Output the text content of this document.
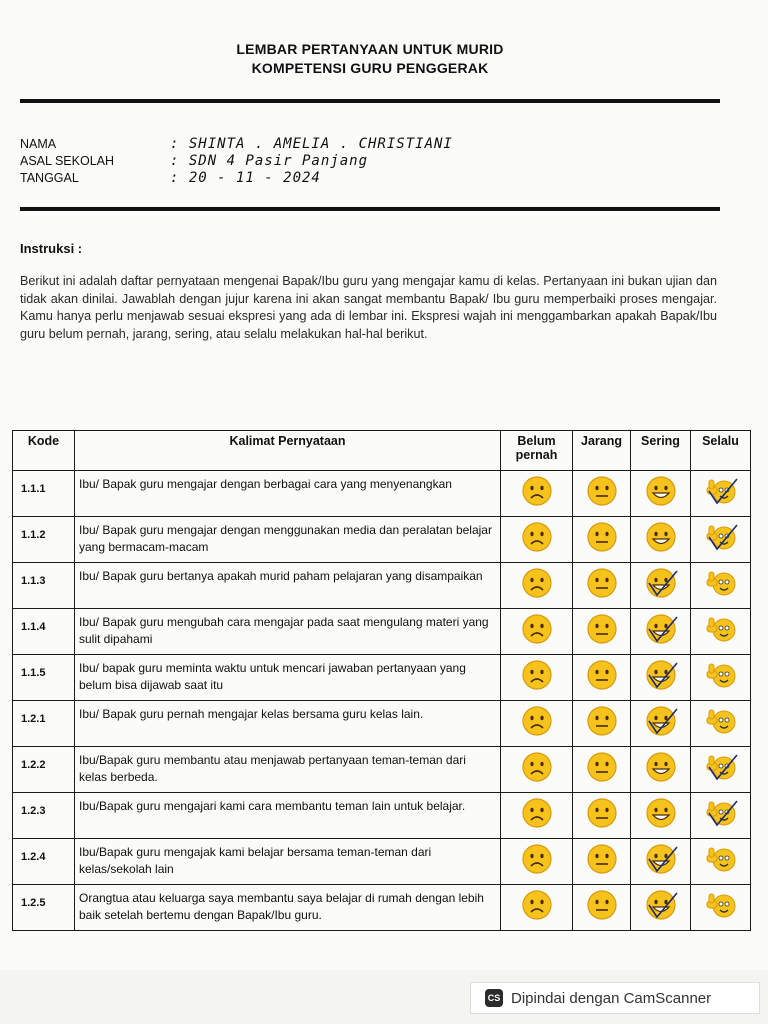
LEMBAR PERTANYAAN UNTUK MURID
KOMPETENSI GURU PENGGERAK
NAMA	: SHINTA . AMELIA . CHRISTIANI
ASAL SEKOLAH	: SDN 4 Pasir Panjang
TANGGAL	: 20 - 11 - 2024
Instruksi :
Berikut ini adalah daftar pernyataan mengenai Bapak/Ibu guru yang mengajar kamu di kelas. Pertanyaan ini bukan ujian dan tidak akan dinilai. Jawablah dengan jujur karena ini akan sangat membantu Bapak/ Ibu guru memperbaiki proses mengajar. Kamu hanya perlu menjawab sesuai ekspresi yang ada di lembar ini. Ekspresi wajah ini menggambarkan apakah Bapak/Ibu guru belum pernah, jarang, sering, atau selalu melakukan hal-hal berikut.
Kode	Kalimat Pernyataan	Belum pernah	Jarang	Sering	Selalu
1.1.1	Ibu/ Bapak guru mengajar dengan berbagai cara yang menyenangkan				
1.1.2	Ibu/ Bapak guru mengajar dengan menggunakan media dan peralatan belajar yang bermacam-macam				
1.1.3	Ibu/ Bapak guru bertanya apakah murid paham pelajaran yang disampaikan				
1.1.4	Ibu/ Bapak guru mengubah cara mengajar pada saat mengulang materi yang sulit dipahami				
1.1.5	Ibu/ bapak guru meminta waktu untuk mencari jawaban pertanyaan yang belum bisa dijawab saat itu				
1.2.1	Ibu/ Bapak guru pernah mengajar kelas bersama guru kelas lain.				
1.2.2	Ibu/Bapak guru membantu atau menjawab pertanyaan teman-teman dari kelas berbeda.				
1.2.3	Ibu/Bapak guru mengajari kami cara membantu teman lain untuk belajar.				
1.2.4	Ibu/Bapak guru mengajak kami belajar bersama teman-teman dari kelas/sekolah lain				
1.2.5	Orangtua atau keluarga saya membantu saya belajar di rumah dengan lebih baik setelah bertemu dengan Bapak/Ibu guru.				
CS Dipindai dengan CamScanner
